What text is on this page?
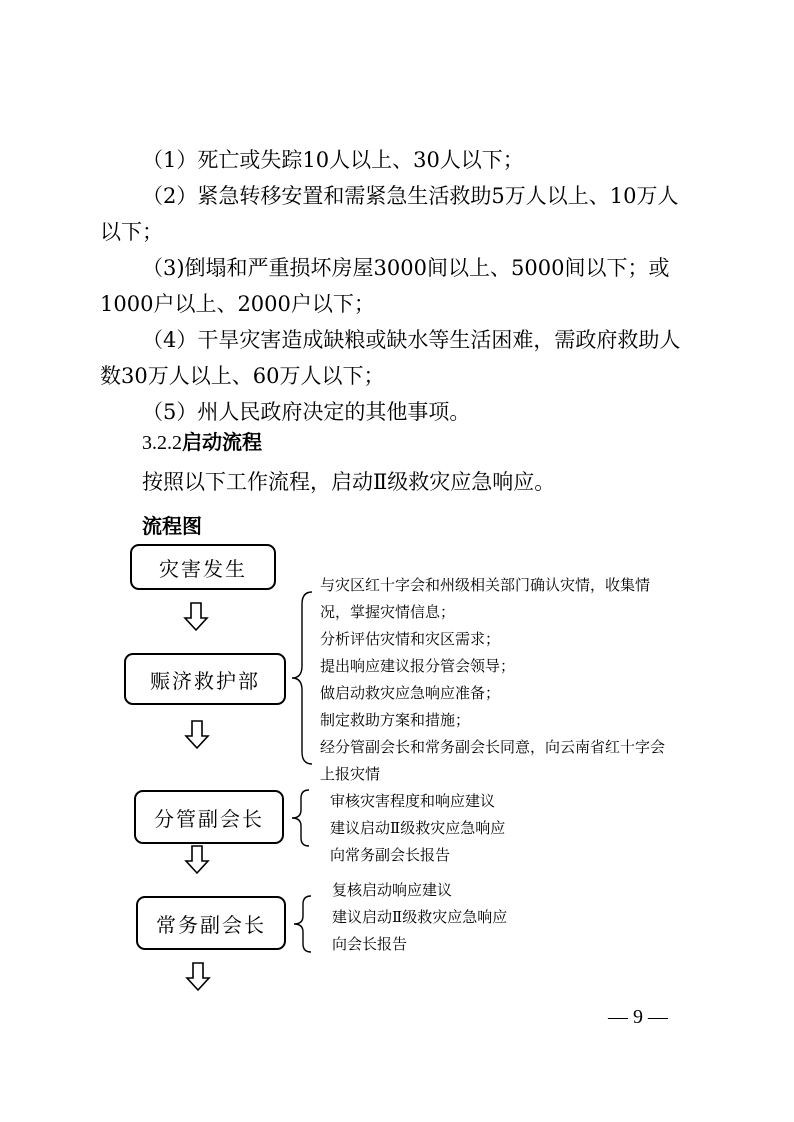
（1）死亡或失踪10人以上、30人以下；

（2）紧急转移安置和需紧急生活救助5万人以上、10万人以下；

（3)倒塌和严重损坏房屋3000间以上、5000间以下；或1000户以上、2000户以下；

（4）干旱灾害造成缺粮或缺水等生活困难，需政府救助人数30万人以上、60万人以下；

（5）州人民政府决定的其他事项。

3.2.2启动流程

按照以下工作流程，启动Ⅱ级救灾应急响应。

流程图
灾害发生
赈济救护部
分管副会长
常务副会长
与灾区红十字会和州级相关部门确认灾情，收集情
况，掌握灾情信息；
分析评估灾情和灾区需求；
提出响应建议报分管会领导；
做启动救灾应急响应准备；
制定救助方案和措施；
经分管副会长和常务副会长同意，向云南省红十字会
上报灾情
审核灾害程度和响应建议
建议启动Ⅱ级救灾应急响应
向常务副会长报告
复核启动响应建议
建议启动Ⅱ级救灾应急响应
向会长报告
— 9 —
